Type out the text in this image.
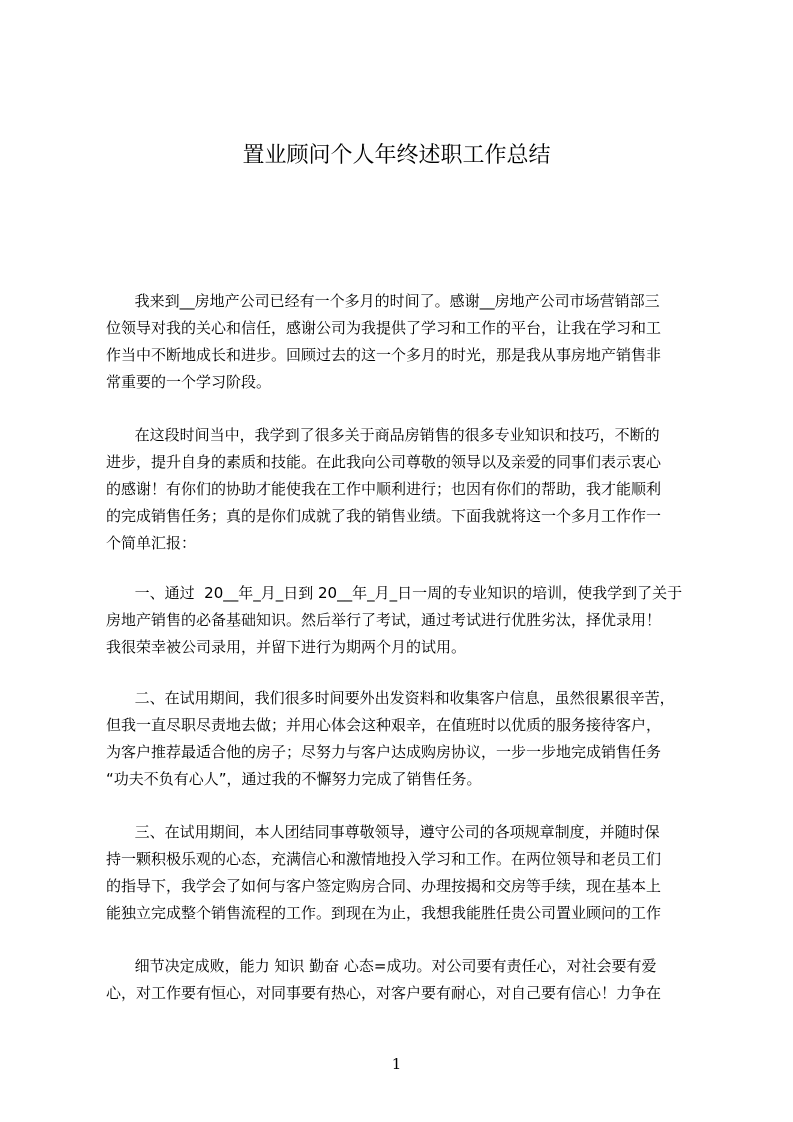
置业顾问个人年终述职工作总结
我来到__房地产公司已经有一个多月的时间了。感谢__房地产公司市场营销部三
位领导对我的关心和信任，感谢公司为我提供了学习和工作的平台，让我在学习和工
作当中不断地成长和进步。回顾过去的这一个多月的时光，那是我从事房地产销售非
常重要的一个学习阶段。
在这段时间当中，我学到了很多关于商品房销售的很多专业知识和技巧，不断的
进步，提升自身的素质和技能。在此我向公司尊敬的领导以及亲爱的同事们表示衷心
的感谢！有你们的协助才能使我在工作中顺利进行；也因有你们的帮助，我才能顺利
的完成销售任务；真的是你们成就了我的销售业绩。下面我就将这一个多月工作作一
个简单汇报：
一、通过  20__年_月_日到 20__年_月_日一周的专业知识的培训，使我学到了关于
房地产销售的必备基础知识。然后举行了考试，通过考试进行优胜劣汰，择优录用！
我很荣幸被公司录用，并留下进行为期两个月的试用。
二、在试用期间，我们很多时间要外出发资料和收集客户信息，虽然很累很辛苦，
但我一直尽职尽责地去做；并用心体会这种艰辛，在值班时以优质的服务接待客户，
为客户推荐最适合他的房子；尽努力与客户达成购房协议，一步一步地完成销售任务
“功夫不负有心人”，通过我的不懈努力完成了销售任务。
三、在试用期间，本人团结同事尊敬领导，遵守公司的各项规章制度，并随时保
持一颗积极乐观的心态，充满信心和激情地投入学习和工作。在两位领导和老员工们
的指导下，我学会了如何与客户签定购房合同、办理按揭和交房等手续，现在基本上
能独立完成整个销售流程的工作。到现在为止，我想我能胜任贵公司置业顾问的工作
细节决定成败，能力 知识 勤奋 心态=成功。对公司要有责任心，对社会要有爱
心，对工作要有恒心，对同事要有热心，对客户要有耐心，对自己要有信心！力争在
1
